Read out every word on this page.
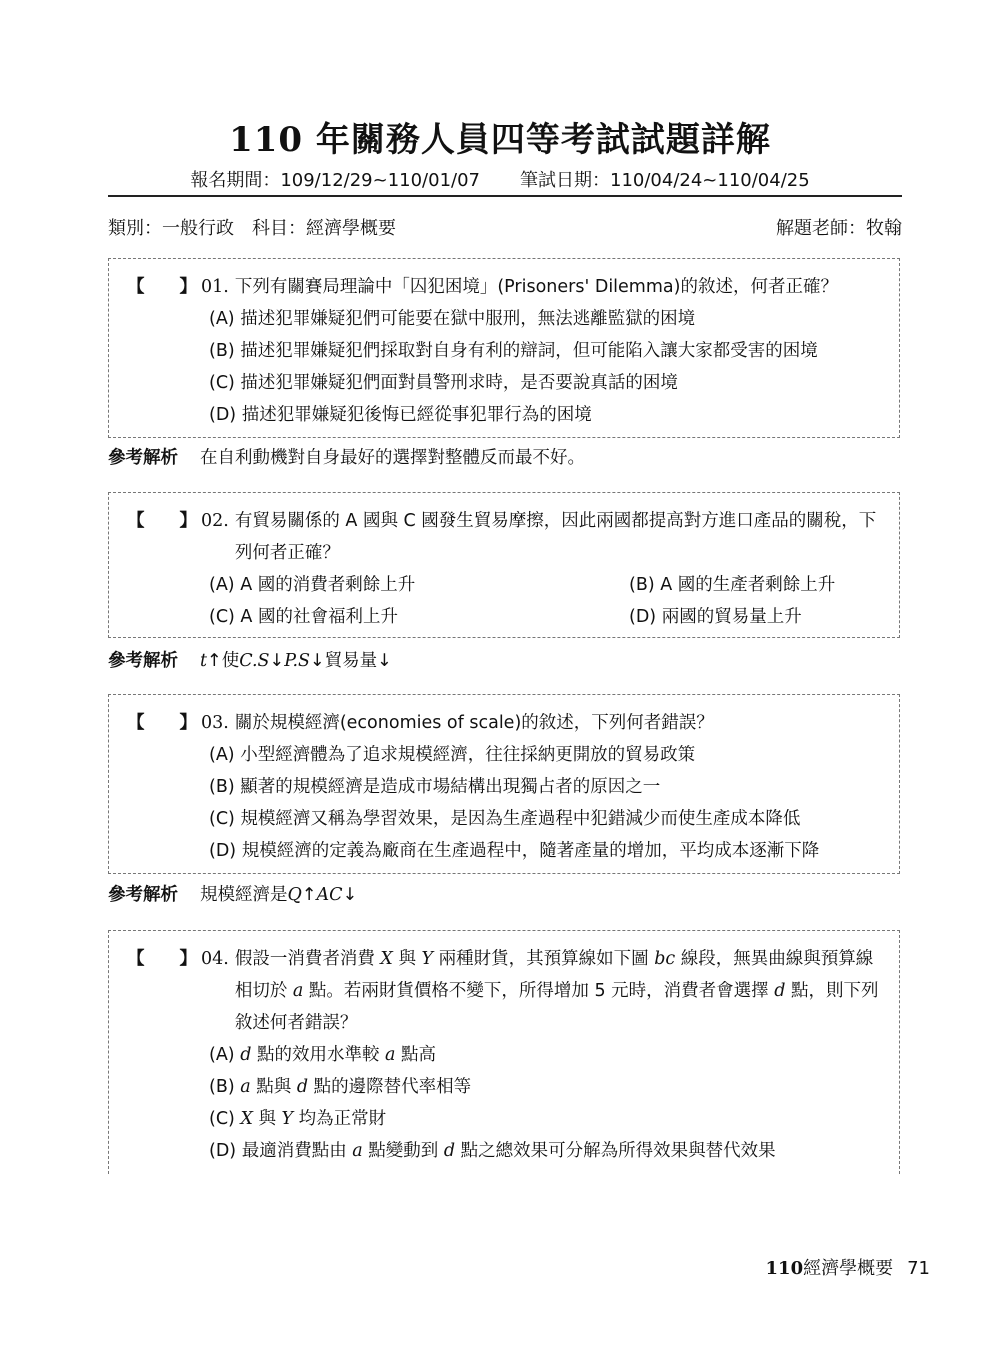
110 年關務人員四等考試試題詳解
報名期間：109/12/29~110/01/07 筆試日期：110/04/24~110/04/25
類別：一般行政　科目：經濟學概要	解題老師：牧翰
【　　】 01. 下列有關賽局理論中「囚犯困境」(Prisoners' Dilemma)的敘述，何者正確？
(A) 描述犯罪嫌疑犯們可能要在獄中服刑，無法逃離監獄的困境
(B) 描述犯罪嫌疑犯們採取對自身有利的辯詞，但可能陷入讓大家都受害的困境
(C) 描述犯罪嫌疑犯們面對員警刑求時，是否要說真話的困境
(D) 描述犯罪嫌疑犯後悔已經從事犯罪行為的困境
參考解析 在自利動機對自身最好的選擇對整體反而最不好。
【　　】 02. 有貿易關係的 A 國與 C 國發生貿易摩擦，因此兩國都提高對方進口產品的關稅，下列何者正確？
(A) A 國的消費者剩餘上升	(B) A 國的生產者剩餘上升
(C) A 國的社會福利上升	(D) 兩國的貿易量上升
參考解析 t↑使C.S↓P.S↓貿易量↓
【　　】 03. 關於規模經濟(economies of scale)的敘述，下列何者錯誤？
(A) 小型經濟體為了追求規模經濟，往往採納更開放的貿易政策
(B) 顯著的規模經濟是造成市場結構出現獨占者的原因之一
(C) 規模經濟又稱為學習效果，是因為生產過程中犯錯減少而使生產成本降低
(D) 規模經濟的定義為廠商在生產過程中，隨著產量的增加，平均成本逐漸下降
參考解析 規模經濟是Q↑AC↓
【　　】 04. 假設一消費者消費 X 與 Y 兩種財貨，其預算線如下圖 bc 線段，無異曲線與預算線相切於 a 點。若兩財貨價格不變下，所得增加 5 元時，消費者會選擇 d 點，則下列敘述何者錯誤？
(A) d 點的效用水準較 a 點高
(B) a 點與 d 點的邊際替代率相等
(C) X 與 Y 均為正常財
(D) 最適消費點由 a 點變動到 d 點之總效果可分解為所得效果與替代效果
110經濟學概要 71
